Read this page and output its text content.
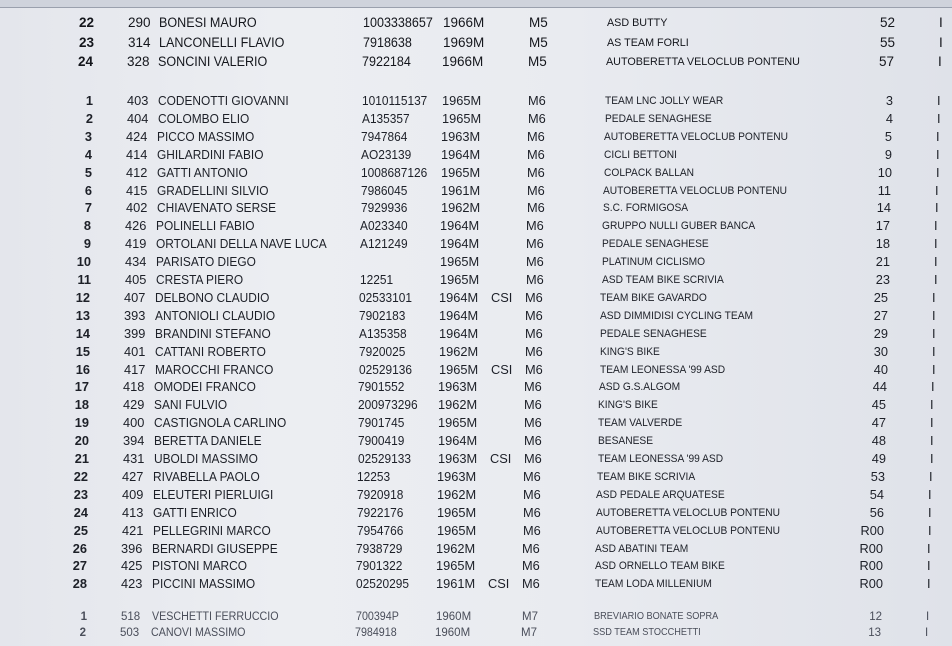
22	290 BONESI MAURO	1003338657 1966M	M5	ASD BUTTY	52	I
23	314 LANCONELLI FLAVIO	7918638 1969M	M5	AS TEAM FORLI	55	I
24	328 SONCINI VALERIO	7922184 1966M	M5	AUTOBERETTA VELOCLUB PONTENU	57	I
1	403 CODENOTTI GIOVANNI	1010115137 1965M	M6	TEAM LNC JOLLY WEAR	3	I
2	404 COLOMBO ELIO	A135357	1965M	M6	PEDALE SENAGHESE	4	I
3	424 PICCO MASSIMO	7947864	1963M	M6	AUTOBERETTA VELOCLUB PONTENU	5	I
4	414 GHILARDINI FABIO	AO23139 1964M	M6	CICLI BETTONI	9	I
5	412 GATTI ANTONIO	1008687126 1965M	M6	COLPACK BALLAN	10	I
6	415 GRADELLINI SILVIO	7986045	1961M	M6	AUTOBERETTA VELOCLUB PONTENU	11	I
7	402 CHIAVENATO SERSE	7929936	1962M	M6	S.C. FORMIGOSA	14	I
8	426 POLINELLI FABIO	A023340	1964M	M6	GRUPPO NULLI GUBER BANCA	17	I
9	419 ORTOLANI DELLA NAVE LUCA	A121249	1964M	M6	PEDALE SENAGHESE	18	I
10	434 PARISATO DIEGO	1965M	M6	PLATINUM CICLISMO	21	I
11	405 CRESTA PIERO	12251	1965M	M6	ASD TEAM BIKE SCRIVIA	23	I
12	407 DELBONO CLAUDIO	02533101 1964M CSI M6	TEAM BIKE GAVARDO	25	I
13	393 ANTONIOLI CLAUDIO	7902183	1964M	M6	ASD DIMMIDISI CYCLING TEAM	27	I
14	399 BRANDINI STEFANO	A135358	1964M	M6	PEDALE SENAGHESE	29	I
15	401 CATTANI ROBERTO	7920025	1962M	M6	KING'S BIKE	30	I
16	417 MAROCCHI FRANCO	02529136 1965M CSI M6	TEAM LEONESSA '99 ASD	40	I
17	418 OMODEI FRANCO	7901552	1963M	M6	ASD G.S.ALGOM	44	I
18	429 SANI FULVIO	200973296 1962M	M6	KING'S BIKE	45	I
19	400 CASTIGNOLA CARLINO	7901745	1965M	M6	TEAM VALVERDE	47	I
20	394 BERETTA DANIELE	7900419	1964M	M6	BESANESE	48	I
21	431 UBOLDI MASSIMO	02529133 1963M CSI M6	TEAM LEONESSA '99 ASD	49	I
22	427 RIVABELLA PAOLO	12253	1963M	M6	TEAM BIKE SCRIVIA	53	I
23	409 ELEUTERI PIERLUIGI	7920918	1962M	M6	ASD PEDALE ARQUATESE	54	I
24	413 GATTI ENRICO	7922176	1965M	M6	AUTOBERETTA VELOCLUB PONTENU	56	I
25	421 PELLEGRINI MARCO	7954766	1965M	M6	AUTOBERETTA VELOCLUB PONTENU	R00	I
26	396 BERNARDI GIUSEPPE	7938729	1962M	M6	ASD ABATINI TEAM	R00	I
27	425 PISTONI MARCO	7901322	1965M	M6	ASD ORNELLO TEAM BIKE	R00	I
28	423 PICCINI MASSIMO	02520295 1961M CSI M6	TEAM LODA MILLENIUM	R00	I
1	518 VESCHETTI FERRUCCIO	700394P	1960M	M7	BREVIARIO BONATE SOPRA	12	I
2	503 CANOVI MASSIMO	7984918	1960M	M7	SSD TEAM STOCCHETTI	13	I
